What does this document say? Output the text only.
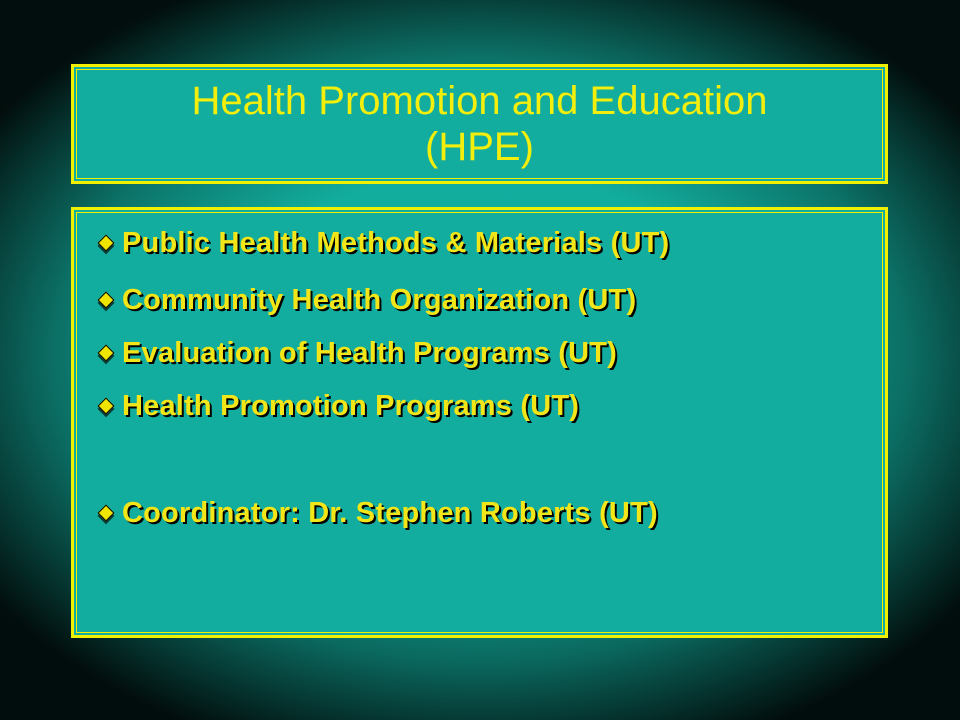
Health Promotion and Education
(HPE)
Public Health Methods & Materials (UT)
Community Health Organization (UT)
Evaluation of Health Programs (UT)
Health Promotion Programs (UT)
Coordinator: Dr. Stephen Roberts (UT)
